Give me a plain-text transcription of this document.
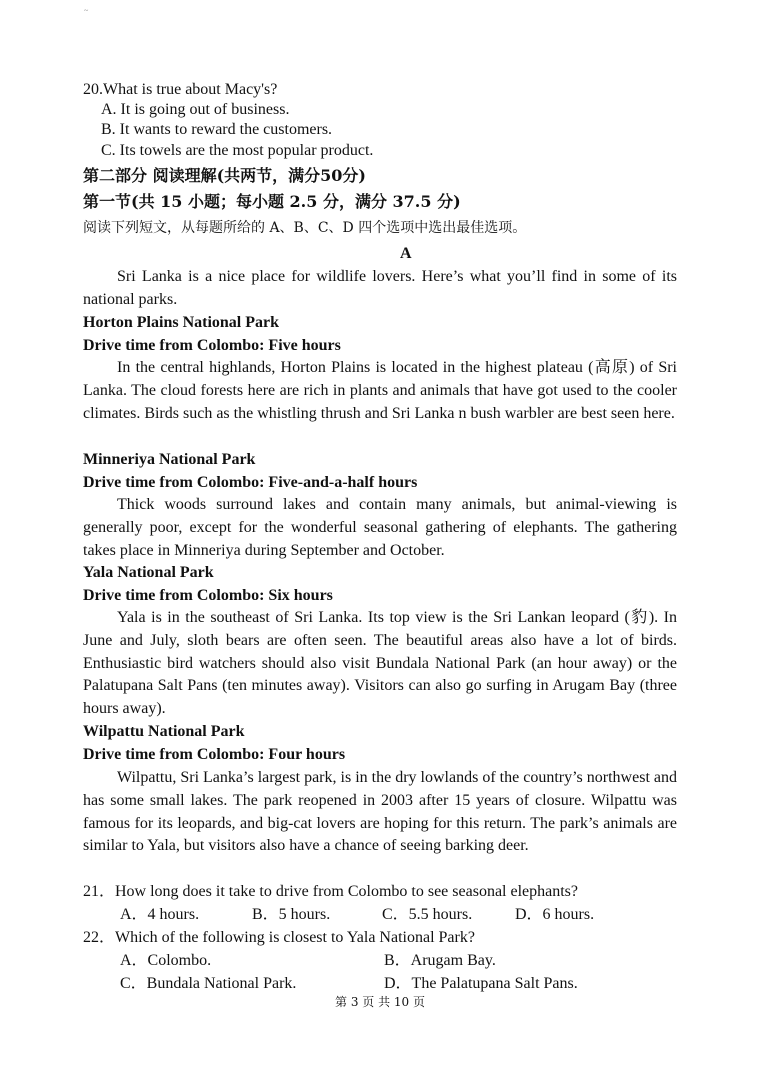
~
20.What is true about Macy's?
A. It is going out of business.
B. It wants to reward the customers.
C. Its towels are the most popular product.
第二部分 阅读理解(共两节，满分50分)
第一节(共 15 小题；每小题 2.5 分，满分 37.5 分)
阅读下列短文，从每题所给的 A、B、C、D 四个选项中选出最佳选项。
A
Sri Lanka is a nice place for wildlife lovers. Here’s what you’ll find in some of its national parks.
Horton Plains National Park
Drive time from Colombo: Five hours
In the central highlands, Horton Plains is located in the highest plateau (高原) of Sri Lanka. The cloud forests here are rich in plants and animals that have got used to the cooler climates. Birds such as the whistling thrush and Sri Lanka n bush warbler are best seen here.
Minneriya National Park
Drive time from Colombo: Five-and-a-half hours
Thick woods surround lakes and contain many animals, but animal-viewing is generally poor, except for the wonderful seasonal gathering of elephants. The gathering takes place in Minneriya during September and October.
Yala National Park
Drive time from Colombo: Six hours
Yala is in the southeast of Sri Lanka. Its top view is the Sri Lankan leopard (豹). In June and July, sloth bears are often seen. The beautiful areas also have a lot of birds. Enthusiastic bird watchers should also visit Bundala National Park (an hour away) or the Palatupana Salt Pans (ten minutes away). Visitors can also go surfing in Arugam Bay (three hours away).
Wilpattu National Park
Drive time from Colombo: Four hours
Wilpattu, Sri Lanka’s largest park, is in the dry lowlands of the country’s northwest and has some small lakes. The park reopened in 2003 after 15 years of closure. Wilpattu was famous for its leopards, and big-cat lovers are hoping for this return. The park’s animals are similar to Yala, but visitors also have a chance of seeing barking deer.
21．How long does it take to drive from Colombo to see seasonal elephants?
A．4 hours.	B．5 hours.	C．5.5 hours.	D．6 hours.
22．Which of the following is closest to Yala National Park?
A．Colombo.	B．Arugam Bay.
C．Bundala National Park.	D．The Palatupana Salt Pans.
第 3 页 共 10 页
